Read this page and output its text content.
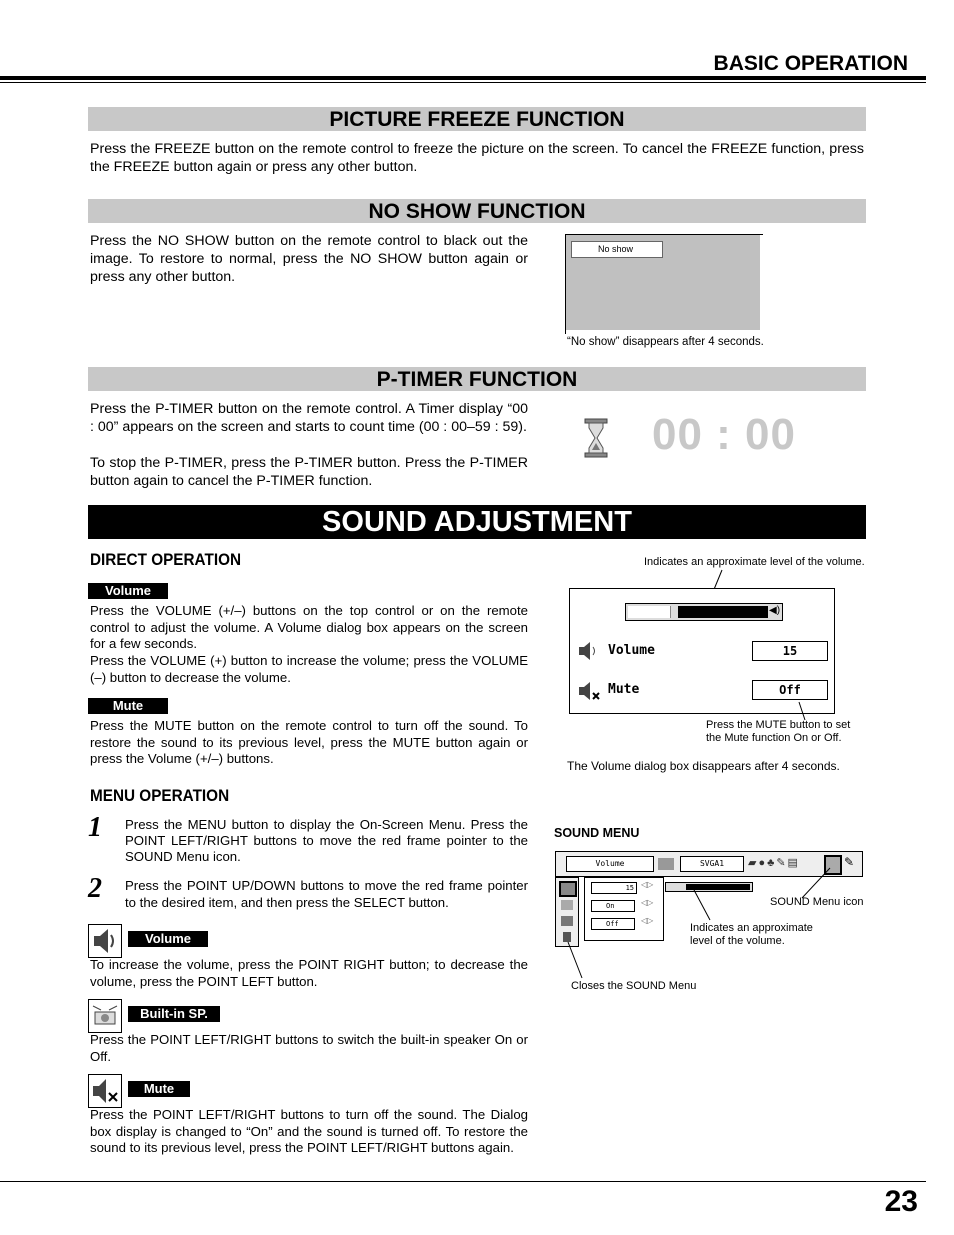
BASIC OPERATION
PICTURE FREEZE FUNCTION
Press the FREEZE button on the remote control to freeze the picture on the screen. To cancel the FREEZE function, press the FREEZE button again or press any other button.
NO SHOW FUNCTION
Press the NO SHOW button on the remote control to black out the image. To restore to normal, press the NO SHOW button again or press any other button.
No show
“No show” disappears after 4 seconds.
P-TIMER FUNCTION
Press the P-TIMER button on the remote control. A Timer display “00 : 00” appears on the screen and starts to count time (00 : 00–59 : 59).
To stop the P-TIMER, press the P-TIMER button. Press the P-TIMER button again to cancel the P-TIMER function.
00 : 00
SOUND ADJUSTMENT
DIRECT OPERATION
Volume
Press the VOLUME (+/–) buttons on the top control or on the remote control to adjust the volume. A Volume dialog box appears on the screen for a few seconds.
Press the VOLUME (+) button to increase the volume; press the VOLUME (–) button to decrease the volume.
Mute
Press the MUTE button on the remote control to turn off the sound. To restore the sound to its previous level, press the MUTE button again or press the Volume (+/–) buttons.
Indicates an approximate level of the volume.
◀)
Volume	15
Mute	Off
Press the MUTE button to set the Mute function On or Off.
The Volume dialog box disappears after 4 seconds.
MENU OPERATION
1 Press the MENU button to display the On-Screen Menu. Press the POINT LEFT/RIGHT buttons to move the red frame pointer to the SOUND Menu icon.
2 Press the POINT UP/DOWN buttons to move the red frame pointer to the desired item, and then press the SELECT button.
Volume
To increase the volume, press the POINT RIGHT button; to decrease the volume, press the POINT LEFT button.
Built-in SP.
Press the POINT LEFT/RIGHT buttons to switch the built-in speaker On or Off.
Mute
Press the POINT LEFT/RIGHT buttons to turn off the sound. The Dialog box display is changed to “On” and the sound is turned off. To restore the sound to its previous level, press the POINT LEFT/RIGHT buttons again.
SOUND MENU
Volume	SVGA1	▰●♣✎▤	✎
SOUND Menu icon
15
On
Off
◁▷
◁▷
◁▷
Indicates an approximate level of the volume.
Closes the SOUND Menu
23
